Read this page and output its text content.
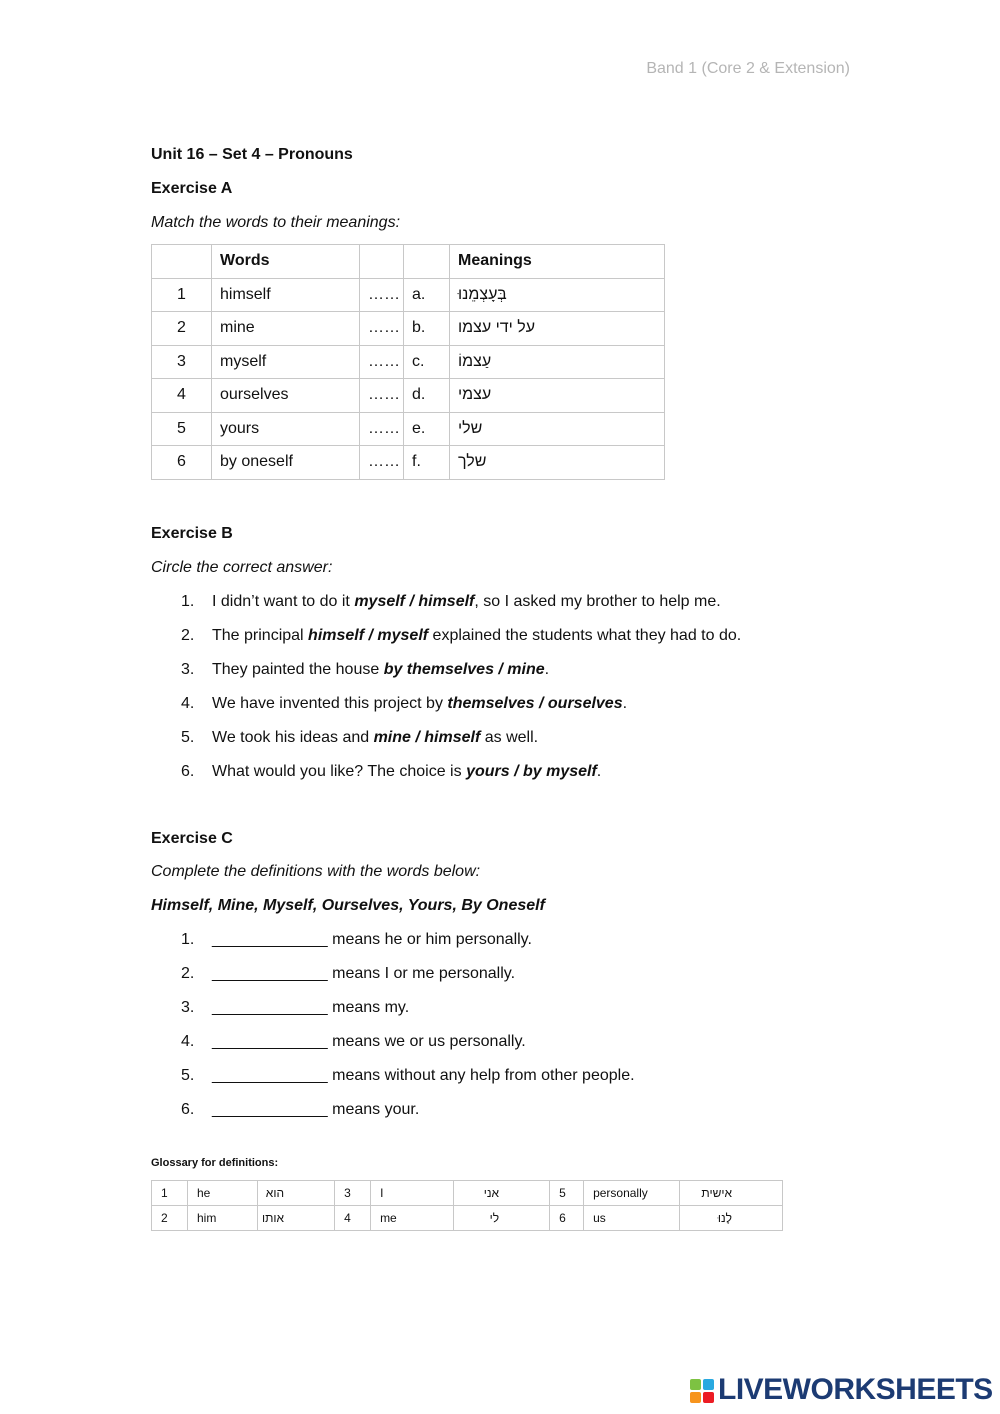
Band 1 (Core 2 & Extension)
Unit 16 – Set 4 – Pronouns
Exercise A
Match the words to their meanings:
	Words			Meanings
1	himself	……	a.	בְּעָצְמֵנוּ
2	mine	……	b.	על ידי עצמו
3	myself	……	c.	עַצמוֹ
4	ourselves	……	d.	עצמי
5	yours	……	e.	שלי
6	by oneself	……	f.	שלך
Exercise B
Circle the correct answer:
1.	I didn’t want to do it myself / himself, so I asked my brother to help me.
2.	The principal himself / myself explained the students what they had to do.
3.	They painted the house by themselves / mine.
4.	We have invented this project by themselves / ourselves.
5.	We took his ideas and mine / himself as well.
6.	What would you like? The choice is yours / by myself.
Exercise C
Complete the definitions with the words below:
Himself, Mine, Myself, Ourselves, Yours, By Oneself
1.	_____________ means he or him personally.
2.	_____________ means I or me personally.
3.	_____________ means my.
4.	_____________ means we or us personally.
5.	_____________ means without any help from other people.
6.	_____________ means your.
Glossary for definitions:
1	he	הוא	3	I	אני	5	personally	אישית
2	him	אותו	4	me	לי	6	us	לָנוּ
LIVEWORKSHEETS
